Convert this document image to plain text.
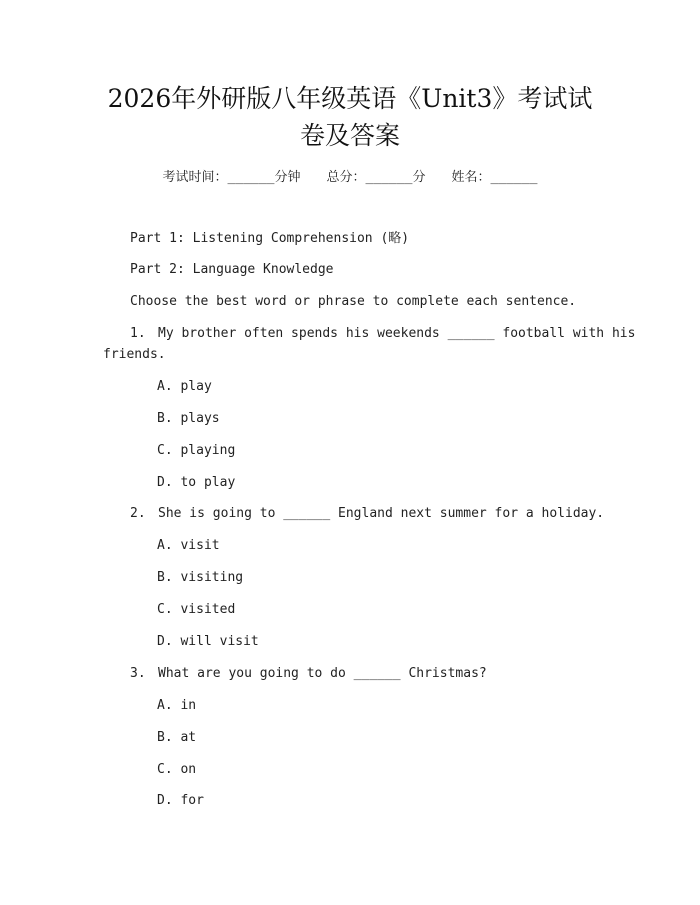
2026年外研版八年级英语《Unit3》考试试
卷及答案
考试时间：______分钟 总分：______分 姓名：______
Part 1: Listening Comprehension (略)
Part 2: Language Knowledge
Choose the best word or phrase to complete each sentence.
1. My brother often spends his weekends ______ football with his
friends.
A. play
B. plays
C. playing
D. to play
2. She is going to ______ England next summer for a holiday.
A. visit
B. visiting
C. visited
D. will visit
3. What are you going to do ______ Christmas?
A. in
B. at
C. on
D. for
